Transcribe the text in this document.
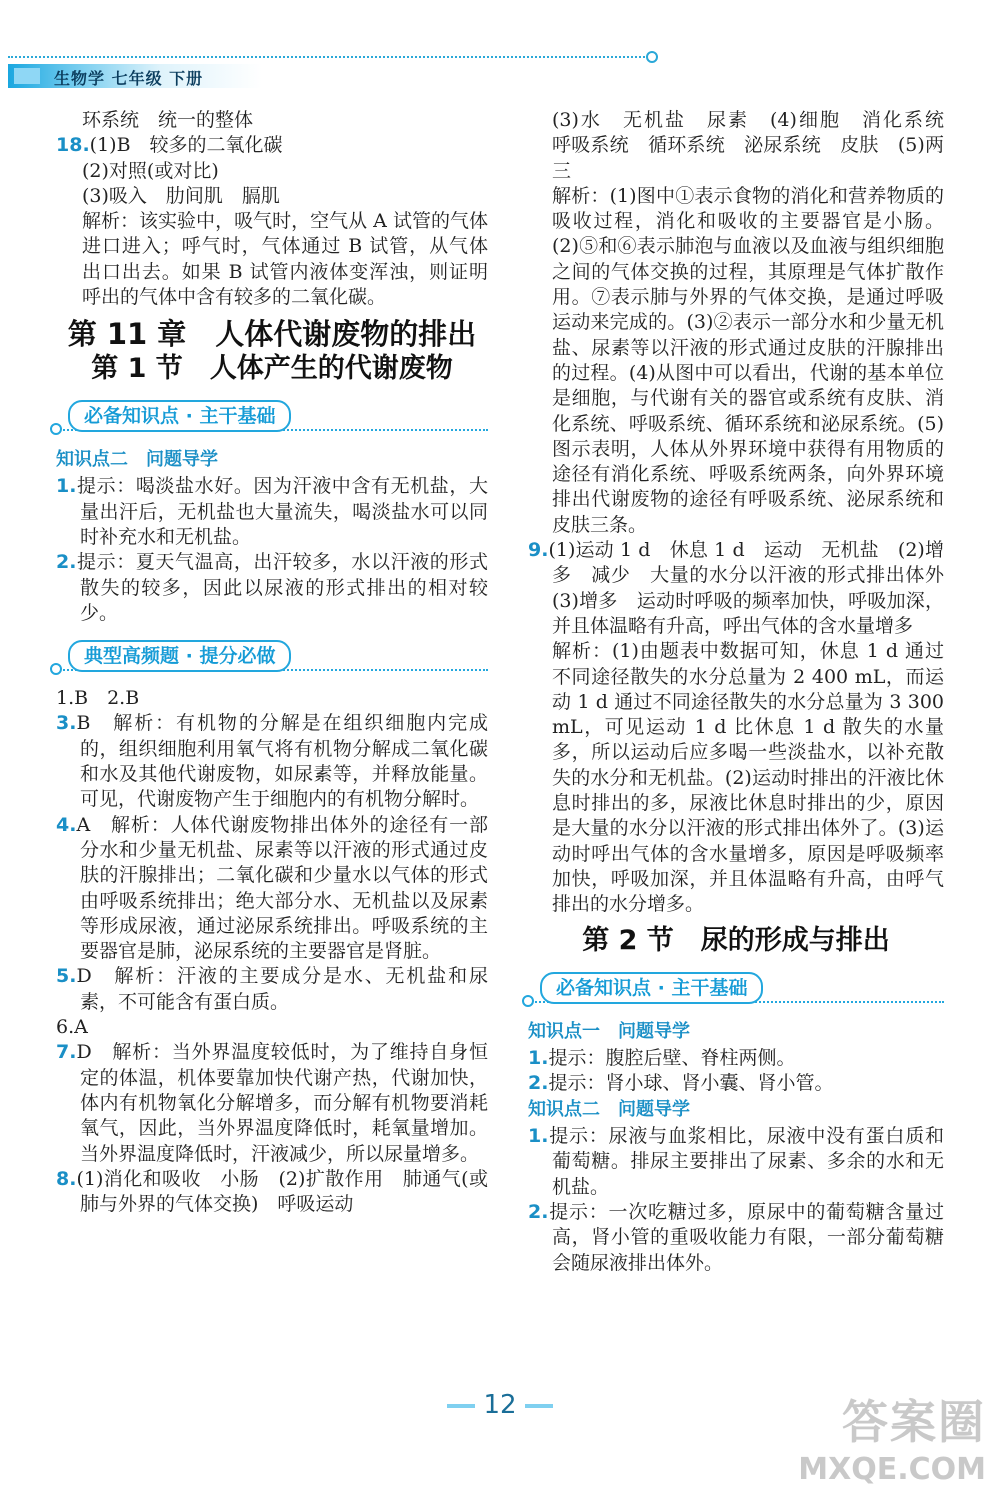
生物学 七年级 下册

环系统　统一的整体

18.(1)B　较多的二氧化碳

(2)对照(或对比)

(3)吸入　肋间肌　膈肌

解析：该实验中，吸气时，空气从 A 试管的气体进口进入；呼气时，气体通过 B 试管，从气体出口出去。如果 B 试管内液体变浑浊，则证明呼出的气体中含有较多的二氧化碳。

第 11 章　人体代谢废物的排出
第 1 节　人体产生的代谢废物
必备知识点 · 主干基础
知识点二　问题导学

1.提示：喝淡盐水好。因为汗液中含有无机盐，大量出汗后，无机盐也大量流失，喝淡盐水可以同时补充水和无机盐。

2.提示：夏天气温高，出汗较多，水以汗液的形式散失的较多，因此以尿液的形式排出的相对较少。

典型高频题 · 提分必做

1.B　2.B

3.B　解析：有机物的分解是在组织细胞内完成的，组织细胞利用氧气将有机物分解成二氧化碳和水及其他代谢废物，如尿素等，并释放能量。可见，代谢废物产生于细胞内的有机物分解时。

4.A　解析：人体代谢废物排出体外的途径有一部分水和少量无机盐、尿素等以汗液的形式通过皮肤的汗腺排出；二氧化碳和少量水以气体的形式由呼吸系统排出；绝大部分水、无机盐以及尿素等形成尿液，通过泌尿系统排出。呼吸系统的主要器官是肺，泌尿系统的主要器官是肾脏。

5.D　解析：汗液的主要成分是水、无机盐和尿素，不可能含有蛋白质。

6.A

7.D　解析：当外界温度较低时，为了维持自身恒定的体温，机体要靠加快代谢产热，代谢加快，体内有机物氧化分解增多，而分解有机物要消耗氧气，因此，当外界温度降低时，耗氧量增加。当外界温度降低时，汗液减少，所以尿量增多。

8.(1)消化和吸收　小肠　(2)扩散作用　肺通气(或肺与外界的气体交换)　呼吸运动

(3)水　无机盐　尿素　(4)细胞　消化系统　呼吸系统　循环系统　泌尿系统　皮肤　(5)两　三

解析：(1)图中①表示食物的消化和营养物质的吸收过程，消化和吸收的主要器官是小肠。(2)⑤和⑥表示肺泡与血液以及血液与组织细胞之间的气体交换的过程，其原理是气体扩散作用。⑦表示肺与外界的气体交换，是通过呼吸运动来完成的。(3)②表示一部分水和少量无机盐、尿素等以汗液的形式通过皮肤的汗腺排出的过程。(4)从图中可以看出，代谢的基本单位是细胞，与代谢有关的器官或系统有皮肤、消化系统、呼吸系统、循环系统和泌尿系统。(5)图示表明，人体从外界环境中获得有用物质的途径有消化系统、呼吸系统两条，向外界环境排出代谢废物的途径有呼吸系统、泌尿系统和皮肤三条。

9.(1)运动 1 d　休息 1 d　运动　无机盐　(2)增多　减少　大量的水分以汗液的形式排出体外　(3)增多　运动时呼吸的频率加快，呼吸加深，并且体温略有升高，呼出气体的含水量增多

解析：(1)由题表中数据可知，休息 1 d 通过不同途径散失的水分总量为 2 400 mL，而运动 1 d 通过不同途径散失的水分总量为 3 300 mL，可见运动 1 d 比休息 1 d 散失的水量多，所以运动后应多喝一些淡盐水，以补充散失的水分和无机盐。(2)运动时排出的汗液比休息时排出的多，尿液比休息时排出的少，原因是大量的水分以汗液的形式排出体外了。(3)运动时呼出气体的含水量增多，原因是呼吸频率加快，呼吸加深，并且体温略有升高，由呼气排出的水分增多。

第 2 节　尿的形成与排出
必备知识点 · 主干基础
知识点一　问题导学

1.提示：腹腔后壁、脊柱两侧。

2.提示：肾小球、肾小囊、肾小管。

知识点二　问题导学

1.提示：尿液与血浆相比，尿液中没有蛋白质和葡萄糖。排尿主要排出了尿素、多余的水和无机盐。

2.提示：一次吃糖过多，原尿中的葡萄糖含量过高，肾小管的重吸收能力有限，一部分葡萄糖会随尿液排出体外。

12	答案圈
MXQE.COM
